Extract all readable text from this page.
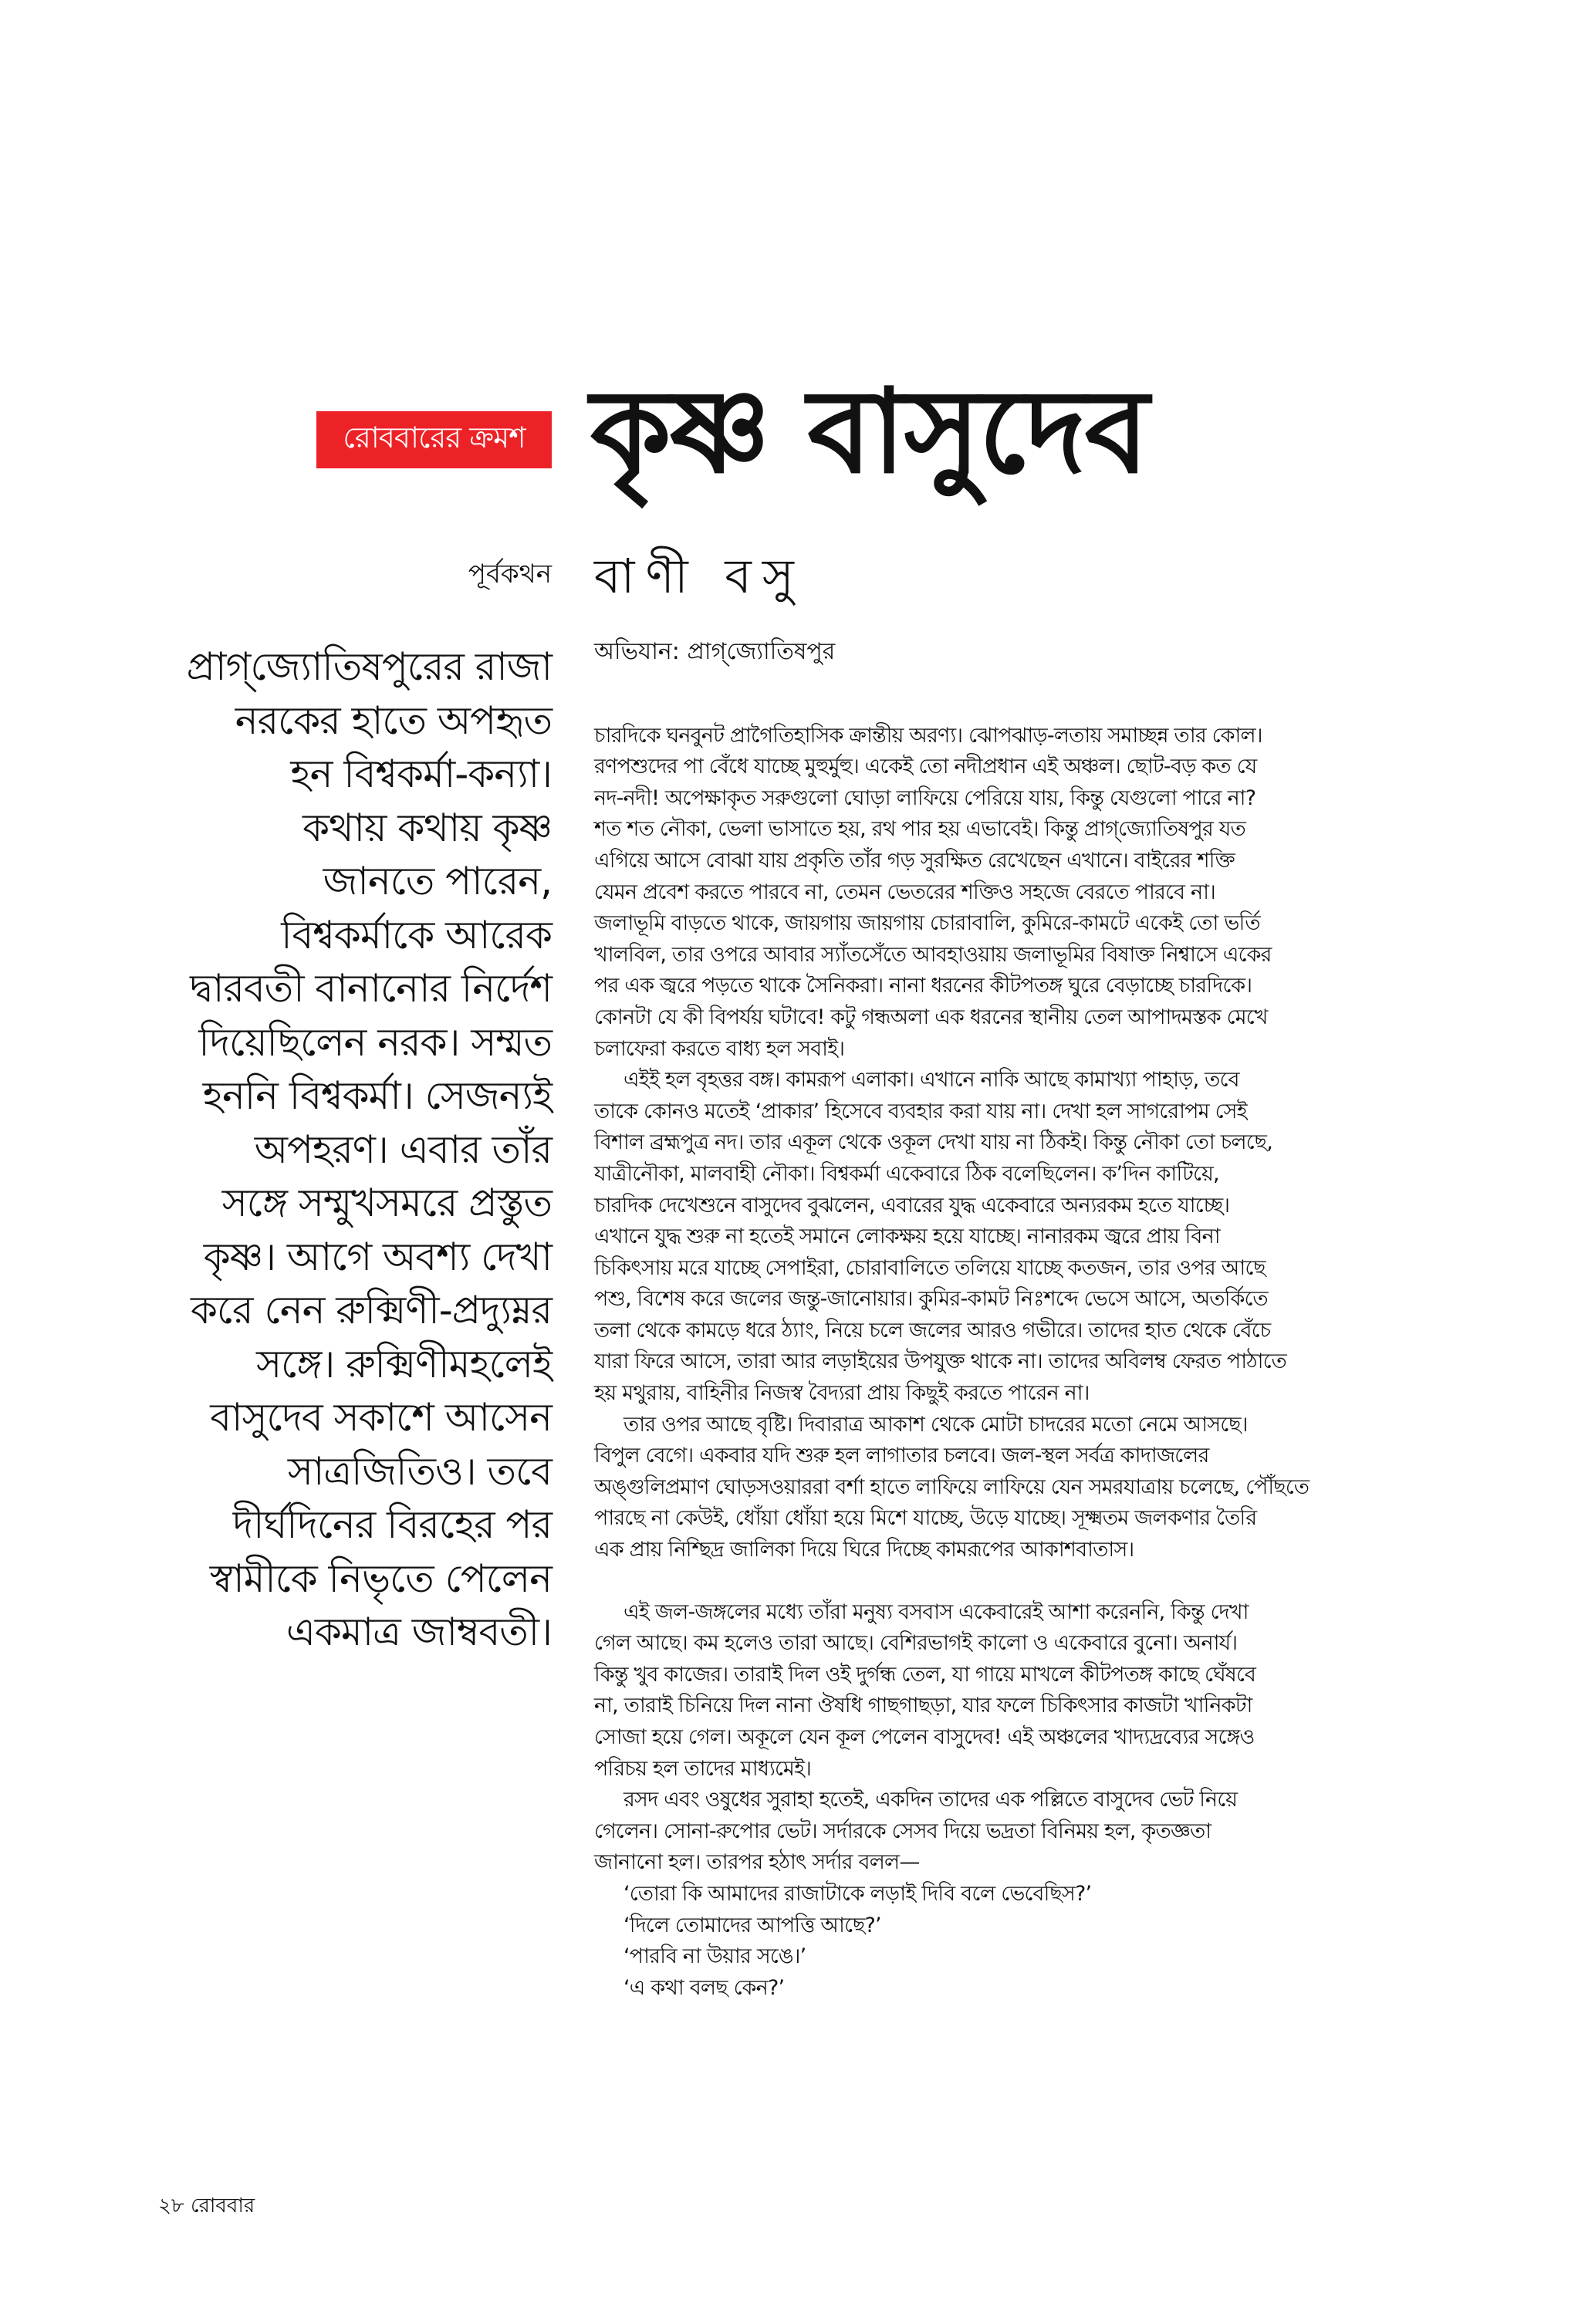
রোববারের ক্রমশ কৃষ্ণ বাসুদেব
পূর্বকথন বাণী বসু
প্রাগ্‌জ্যোতিষপুরের রাজা
নরকের হাতে অপহৃত
হন বিশ্বকর্মা-কন্যা।
কথায় কথায় কৃষ্ণ
জানতে পারেন,
বিশ্বকর্মাকে আরেক
দ্বারবতী বানানোর নির্দেশ
দিয়েছিলেন নরক। সম্মত
হননি বিশ্বকর্মা। সেজন্যই
অপহরণ। এবার তাঁর
সঙ্গে সম্মুখসমরে প্রস্তুত
কৃষ্ণ। আগে অবশ্য দেখা
করে নেন রুক্মিণী-প্রদ্যুম্নর
সঙ্গে। রুক্মিণীমহলেই
বাসুদেব সকাশে আসেন
সাত্রজিতিও। তবে
দীর্ঘদিনের বিরহের পর
স্বামীকে নিভৃতে পেলেন
একমাত্র জাম্ববতী।
অভিযান: প্রাগ্‌জ্যোতিষপুর
চারদিকে ঘনবুনট প্রাগৈতিহাসিক ক্রান্তীয় অরণ্য। ঝোপঝাড়-লতায় সমাচ্ছন্ন তার কোল।
রণপশুদের পা বেঁধে যাচ্ছে মুহুর্মুহু। একেই তো নদীপ্রধান এই অঞ্চল। ছোট-বড় কত যে
নদ-নদী! অপেক্ষাকৃত সরুগুলো ঘোড়া লাফিয়ে পেরিয়ে যায়, কিন্তু যেগুলো পারে না?
শত শত নৌকা, ভেলা ভাসাতে হয়, রথ পার হয় এভাবেই। কিন্তু প্রাগ্‌জ্যোতিষপুর যত
এগিয়ে আসে বোঝা যায় প্রকৃতি তাঁর গড় সুরক্ষিত রেখেছেন এখানে। বাইরের শক্তি
যেমন প্রবেশ করতে পারবে না, তেমন ভেতরের শক্তিও সহজে বেরতে পারবে না।
জলাভূমি বাড়তে থাকে, জায়গায় জায়গায় চোরাবালি, কুমিরে-কামটে একেই তো ভর্তি
খালবিল, তার ওপরে আবার স্যাঁতসেঁতে আবহাওয়ায় জলাভূমির বিষাক্ত নিশ্বাসে একের
পর এক জ্বরে পড়তে থাকে সৈনিকরা। নানা ধরনের কীটপতঙ্গ ঘুরে বেড়াচ্ছে চারদিকে।
কোনটা যে কী বিপর্যয় ঘটাবে! কটু গন্ধঅলা এক ধরনের স্থানীয় তেল আপাদমস্তক মেখে
চলাফেরা করতে বাধ্য হল সবাই।
এইই হল বৃহত্তর বঙ্গ। কামরূপ এলাকা। এখানে নাকি আছে কামাখ্যা পাহাড়, তবে
তাকে কোনও মতেই ‘প্রাকার’ হিসেবে ব্যবহার করা যায় না। দেখা হল সাগরোপম সেই
বিশাল ব্রহ্মপুত্র নদ। তার একূল থেকে ওকূল দেখা যায় না ঠিকই। কিন্তু নৌকা তো চলছে,
যাত্রীনৌকা, মালবাহী নৌকা। বিশ্বকর্মা একেবারে ঠিক বলেছিলেন। ক’দিন কাটিয়ে,
চারদিক দেখেশুনে বাসুদেব বুঝলেন, এবারের যুদ্ধ একেবারে অন্যরকম হতে যাচ্ছে।
এখানে যুদ্ধ শুরু না হতেই সমানে লোকক্ষয় হয়ে যাচ্ছে। নানারকম জ্বরে প্রায় বিনা
চিকিৎসায় মরে যাচ্ছে সেপাইরা, চোরাবালিতে তলিয়ে যাচ্ছে কতজন, তার ওপর আছে
পশু, বিশেষ করে জলের জন্তু-জানোয়ার। কুমির-কামট নিঃশব্দে ভেসে আসে, অতর্কিতে
তলা থেকে কামড়ে ধরে ঠ্যাং, নিয়ে চলে জলের আরও গভীরে। তাদের হাত থেকে বেঁচে
যারা ফিরে আসে, তারা আর লড়াইয়ের উপযুক্ত থাকে না। তাদের অবিলম্ব ফেরত পাঠাতে
হয় মথুরায়, বাহিনীর নিজস্ব বৈদ্যরা প্রায় কিছুই করতে পারেন না।
তার ওপর আছে বৃষ্টি। দিবারাত্র আকাশ থেকে মোটা চাদরের মতো নেমে আসছে।
বিপুল বেগে। একবার যদি শুরু হল লাগাতার চলবে। জল-স্থল সর্বত্র কাদাজলের
অঙ্গুলিপ্রমাণ ঘোড়সওয়াররা বর্শা হাতে লাফিয়ে লাফিয়ে যেন সমরযাত্রায় চলেছে, পৌঁছতে
পারছে না কেউই, ধোঁয়া ধোঁয়া হয়ে মিশে যাচ্ছে, উড়ে যাচ্ছে। সূক্ষ্মতম জলকণার তৈরি
এক প্রায় নিশ্ছিদ্র জালিকা দিয়ে ঘিরে দিচ্ছে কামরূপের আকাশবাতাস।
এই জল-জঙ্গলের মধ্যে তাঁরা মনুষ্য বসবাস একেবারেই আশা করেননি, কিন্তু দেখা
গেল আছে। কম হলেও তারা আছে। বেশিরভাগই কালো ও একেবারে বুনো। অনার্য।
কিন্তু খুব কাজের। তারাই দিল ওই দুর্গন্ধ তেল, যা গায়ে মাখলে কীটপতঙ্গ কাছে ঘেঁষবে
না, তারাই চিনিয়ে দিল নানা ঔষধি গাছগাছড়া, যার ফলে চিকিৎসার কাজটা খানিকটা
সোজা হয়ে গেল। অকূলে যেন কূল পেলেন বাসুদেব! এই অঞ্চলের খাদ্যদ্রব্যের সঙ্গেও
পরিচয় হল তাদের মাধ্যমেই।
রসদ এবং ওষুধের সুরাহা হতেই, একদিন তাদের এক পল্লিতে বাসুদেব ভেট নিয়ে
গেলেন। সোনা-রুপোর ভেট। সর্দারকে সেসব দিয়ে ভদ্রতা বিনিময় হল, কৃতজ্ঞতা
জানানো হল। তারপর হঠাৎ সর্দার বলল—
‘তোরা কি আমাদের রাজাটাকে লড়াই দিবি বলে ভেবেছিস?’
‘দিলে তোমাদের আপত্তি আছে?’
‘পারবি না উয়ার সঙে।’
‘এ কথা বলছ কেন?’
২৮ রোববার
